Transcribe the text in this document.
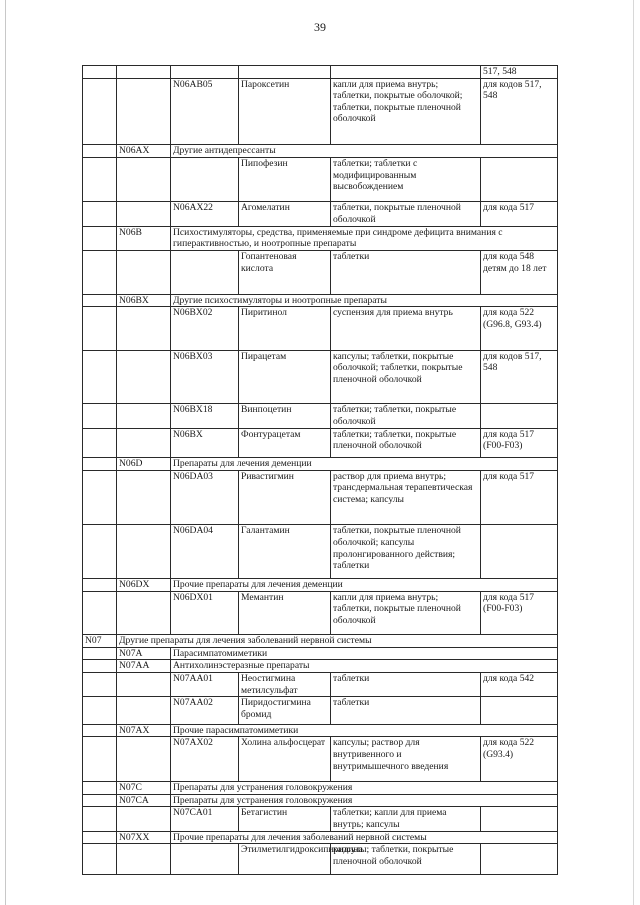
39
					517, 548
		N06AB05	Пароксетин	капли для приема внутрь; таблетки, покрытые оболочкой; таблетки, покрытые пленочной оболочкой	для кодов 517, 548
	N06AX	Другие антидепрессанты			
			Пипофезин	таблетки; таблетки с модифицированным высвобождением	
		N06AX22	Агомелатин	таблетки, покрытые пленочной оболочкой	для кода 517
	N06B	Психостимуляторы, средства, применяемые при синдроме дефицита внимания с гиперактивностью, и ноотропные препараты			
			Гопантеновая кислота	таблетки	для кода 548 детям до 18 лет
	N06BX	Другие психостимуляторы и ноотропные препараты			
		N06BX02	Пиритинол	суспензия для приема внутрь	для кода 522 (G96.8, G93.4)
		N06BX03	Пирацетам	капсулы; таблетки, покрытые оболочкой; таблетки, покрытые пленочной оболочкой	для кодов 517, 548
		N06BX18	Винпоцетин	таблетки; таблетки, покрытые оболочкой	
		N06BX	Фонтурацетам	таблетки; таблетки, покрытые пленочной оболочкой	для кода 517 (F00-F03)
	N06D	Препараты для лечения деменции			
		N06DA03	Ривастигмин	раствор для приема внутрь; трансдермальная терапевтическая система; капсулы	для кода 517
		N06DA04	Галантамин	таблетки, покрытые пленочной оболочкой; капсулы пролонгированного действия; таблетки	
	N06DX	Прочие препараты для лечения деменции			
		N06DX01	Мемантин	капли для приема внутрь; таблетки, покрытые пленочной оболочкой	для кода 517 (F00-F03)
N07	Другие препараты для лечения заболеваний нервной системы				
	N07A	Парасимпатомиметики			
	N07AA	Антихолинэстеразные препараты			
		N07AA01	Неостигмина метилсульфат	таблетки	для кода 542
		N07AA02	Пиридостигмина бромид	таблетки	
	N07AX	Прочие парасимпатомиметики			
		N07AX02	Холина альфосцерат	капсулы; раствор для внутривенного и внутримышечного введения	для кода 522 (G93.4)
	N07C	Препараты для устранения головокружения			
	N07CA	Препараты для устранения головокружения			
		N07CA01	Бетагистин	таблетки; капли для приема внутрь; капсулы	
	N07XX	Прочие препараты для лечения заболеваний нервной системы			
			Этилметилгидроксипиридина	капсулы; таблетки, покрытые пленочной оболочкой	
